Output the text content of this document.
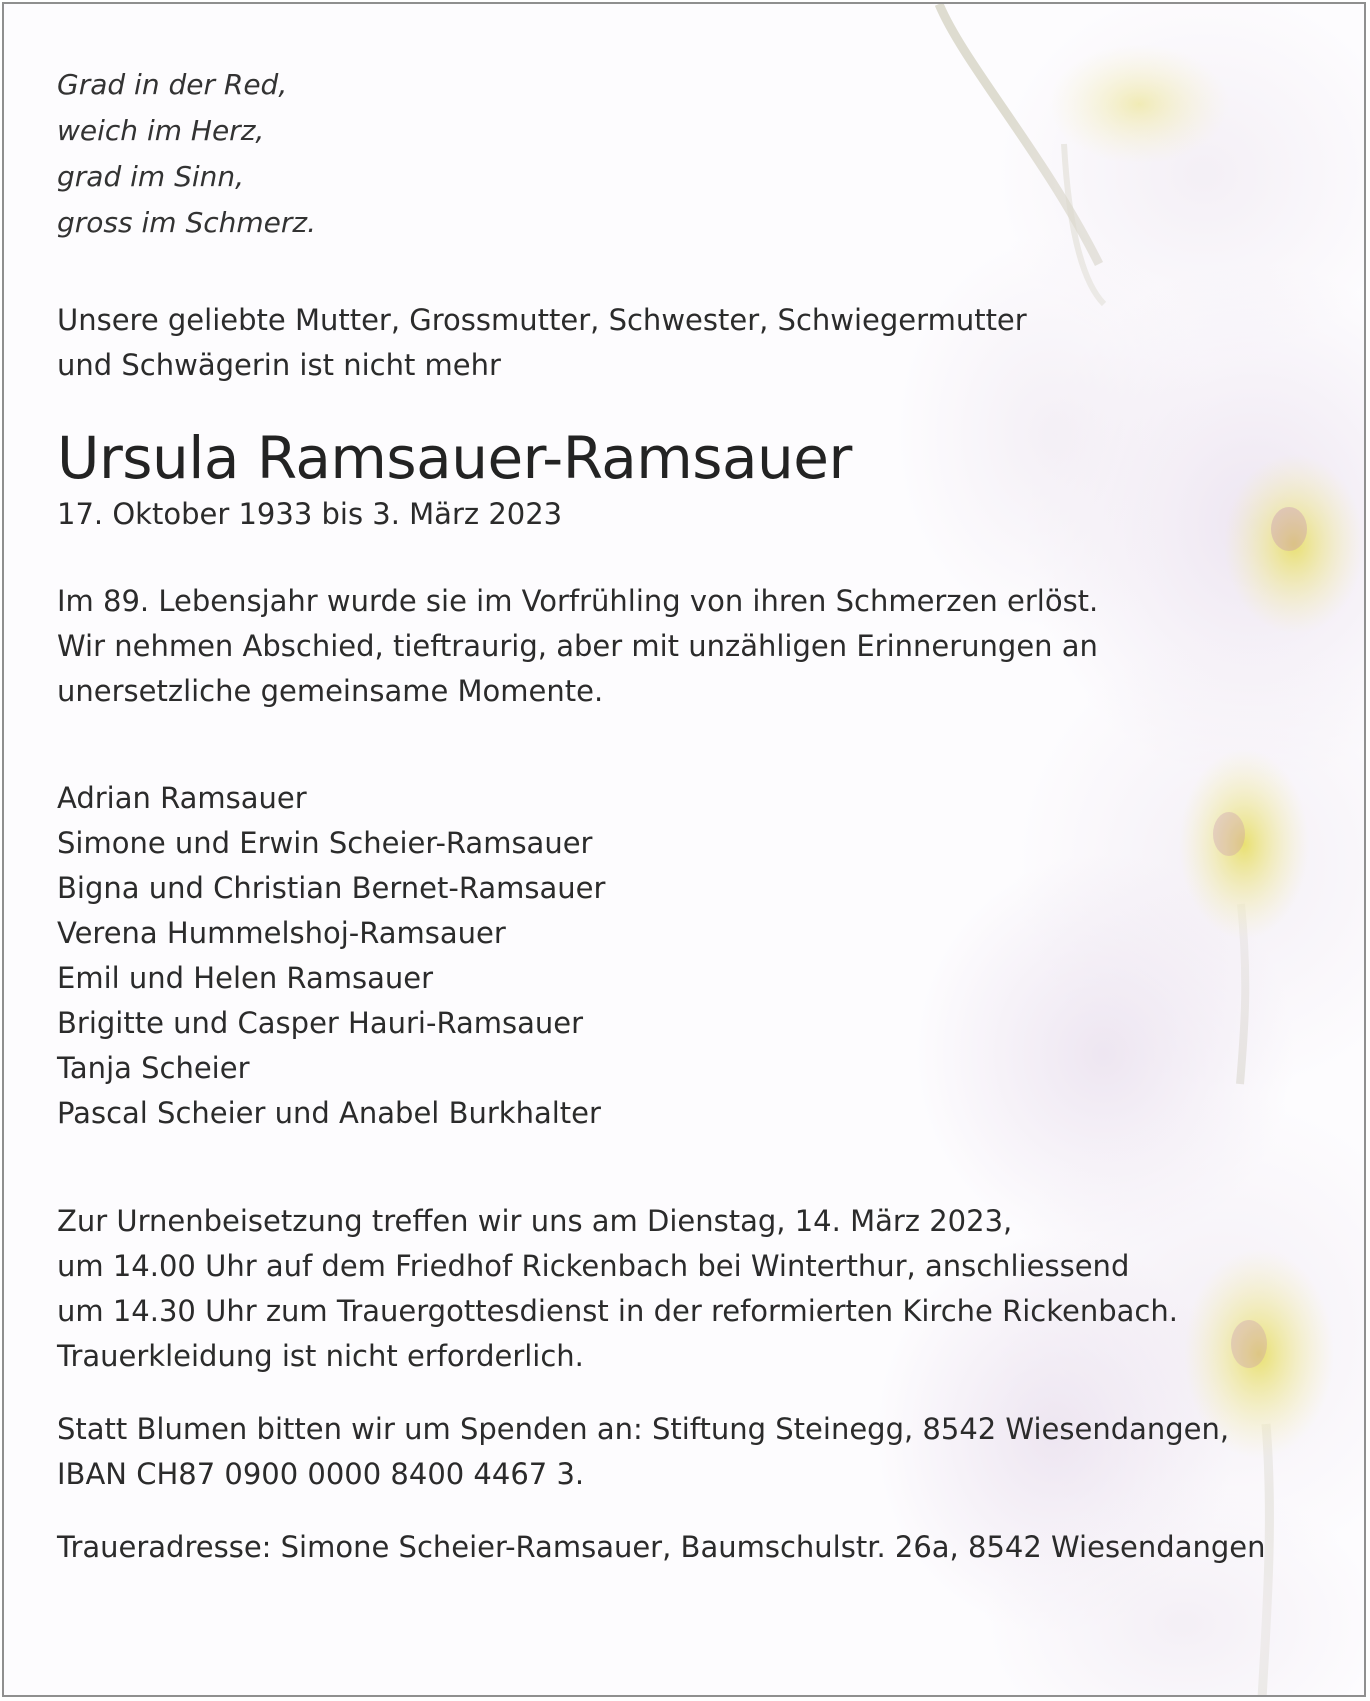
Grad in der Red,

weich im Herz,

grad im Sinn,

gross im Schmerz.

Unsere geliebte Mutter, Grossmutter, Schwester, Schwiegermutter

und Schwägerin ist nicht mehr

Ursula Ramsauer-Ramsauer

17. Oktober 1933 bis 3. März 2023

Im 89. Lebensjahr wurde sie im Vorfrühling von ihren Schmerzen erlöst.

Wir nehmen Abschied, tieftraurig, aber mit unzähligen Erinnerungen an

unersetzliche gemeinsame Momente.

Adrian Ramsauer
Simone und Erwin Scheier-Ramsauer
Bigna und Christian Bernet-Ramsauer
Verena Hummelshoj-Ramsauer
Emil und Helen Ramsauer
Brigitte und Casper Hauri-Ramsauer
Tanja Scheier
Pascal Scheier und Anabel Burkhalter

Zur Urnenbeisetzung treffen wir uns am Dienstag, 14. März 2023,

um 14.00 Uhr auf dem Friedhof Rickenbach bei Winterthur, anschliessend

um 14.30 Uhr zum Trauergottesdienst in der reformierten Kirche Rickenbach.

Trauerkleidung ist nicht erforderlich.

Statt Blumen bitten wir um Spenden an: Stiftung Steinegg, 8542 Wiesendangen,

IBAN CH87 0900 0000 8400 4467 3.

Traueradresse: Simone Scheier-Ramsauer, Baumschulstr. 26a, 8542 Wiesendangen
